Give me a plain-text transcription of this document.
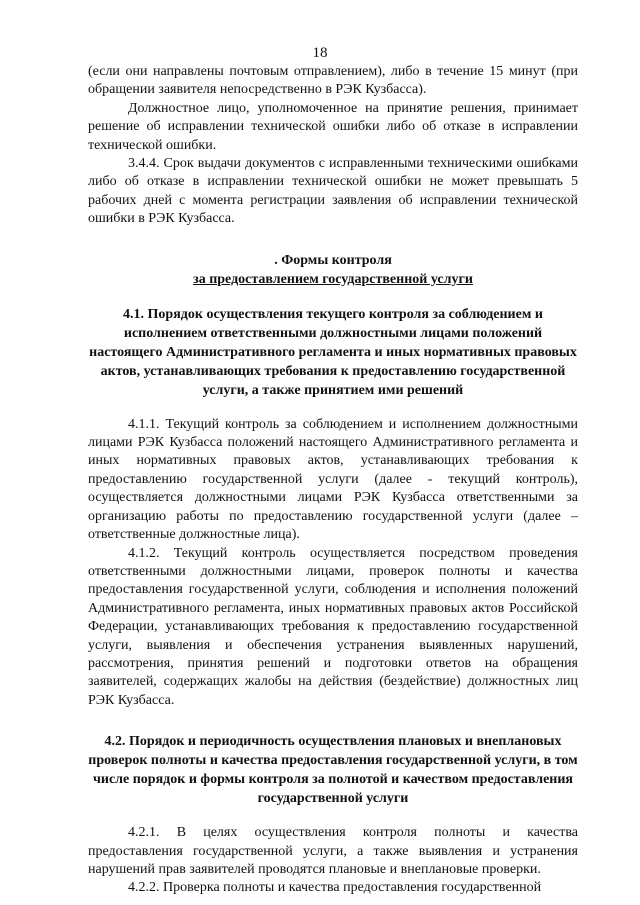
18

(если они направлены почтовым отправлением), либо в течение 15 минут (при обращении заявителя непосредственно в РЭК Кузбасса).

Должностное лицо, уполномоченное на принятие решения, принимает решение об исправлении технической ошибки либо об отказе в исправлении технической ошибки.

3.4.4. Срок выдачи документов с исправленными техническими ошибками либо об отказе в исправлении технической ошибки не может превышать 5 рабочих дней с момента регистрации заявления об исправлении технической ошибки в РЭК Кузбасса.

. Формы контроля
за предоставлением государственной услуги
4.1. Порядок осуществления текущего контроля за соблюдением и исполнением ответственными должностными лицами положений настоящего Административного регламента и иных нормативных правовых актов, устанавливающих требования к предоставлению государственной услуги, а также принятием ими решений

4.1.1. Текущий контроль за соблюдением и исполнением должностными лицами РЭК Кузбасса положений настоящего Административного регламента и иных нормативных правовых актов, устанавливающих требования к предоставлению государственной услуги (далее - текущий контроль), осуществляется должностными лицами РЭК Кузбасса ответственными за организацию работы по предоставлению государственной услуги (далее – ответственные должностные лица).

4.1.2. Текущий контроль осуществляется посредством проведения ответственными должностными лицами, проверок полноты и качества предоставления государственной услуги, соблюдения и исполнения положений Административного регламента, иных нормативных правовых актов Российской Федерации, устанавливающих требования к предоставлению государственной услуги, выявления и обеспечения устранения выявленных нарушений, рассмотрения, принятия решений и подготовки ответов на обращения заявителей, содержащих жалобы на действия (бездействие) должностных лиц РЭК Кузбасса.

4.2. Порядок и периодичность осуществления плановых и внеплановых проверок полноты и качества предоставления государственной услуги, в том числе порядок и формы контроля за полнотой и качеством предоставления государственной услуги

4.2.1. В целях осуществления контроля полноты и качества предоставления государственной услуги, а также выявления и устранения нарушений прав заявителей проводятся плановые и внеплановые проверки.

4.2.2. Проверка полноты и качества предоставления государственной
